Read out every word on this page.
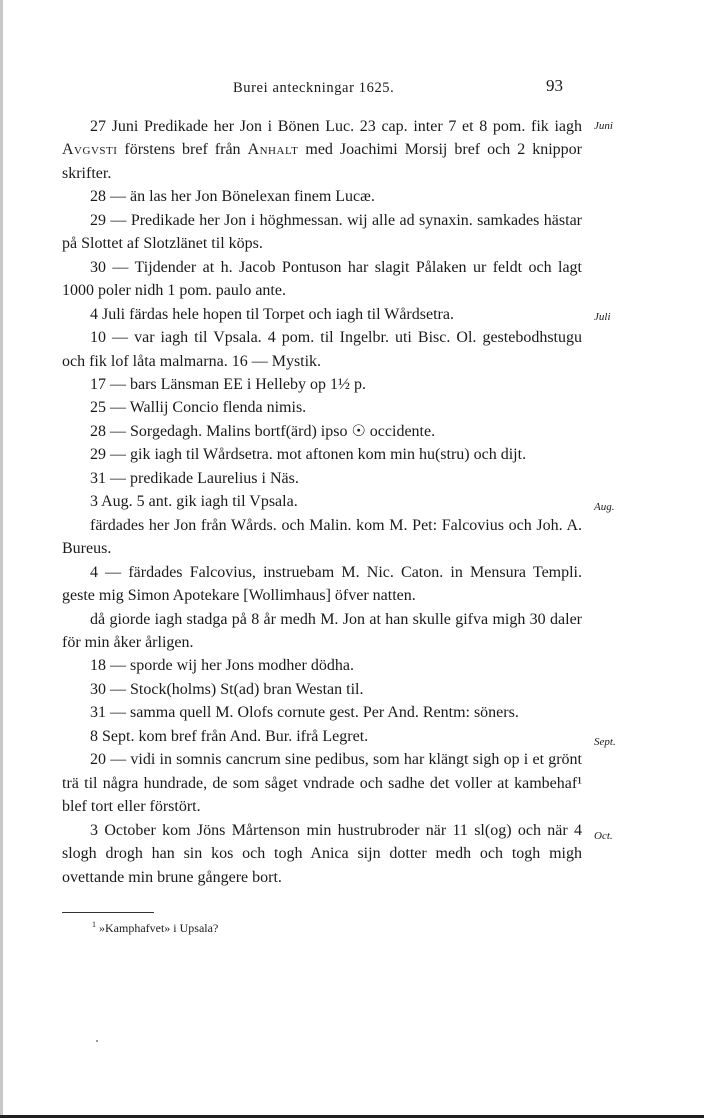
Burei anteckningar 1625.	93

27 Juni Predikade her Jon i Bönen Luc. 23 cap. inter 7 et 8 pom. fik iagh Avgvsti förstens bref från Anhalt med Joachimi Morsij bref och 2 knippor skrifter.
Juni

28 — än las her Jon Bönelexan finem Lucæ.

29 — Predikade her Jon i höghmessan. wij alle ad synaxin. samkades hästar på Slottet af Slotzlänet til köps.

30 — Tijdender at h. Jacob Pontuson har slagit Pålaken ur feldt och lagt 1000 poler nidh 1 pom. paulo ante.

4 Juli färdas hele hopen til Torpet och iagh til Wårdsetra.	Juli

10 — var iagh til Vpsala. 4 pom. til Ingelbr. uti Bisc. Ol. gestebodhstugu och fik lof låta malmarna. 16 — Mystik.

17 — bars Länsman EE i Helleby op 1½ p.

25 — Wallij Concio flenda nimis.

28 — Sorgedagh. Malins bortf(ärd) ipso ☉ occidente.

29 — gik iagh til Wårdsetra. mot aftonen kom min hu(stru) och dijt.

31 — predikade Laurelius i Näs.

3 Aug. 5 ant. gik iagh til Vpsala.	Aug.

färdades her Jon från Wårds. och Malin. kom M. Pet: Falcovius och Joh. A. Bureus.

4 — färdades Falcovius, instruebam M. Nic. Caton. in Mensura Templi. geste mig Simon Apotekare [Wollimhaus] öfver natten.

då giorde iagh stadga på 8 år medh M. Jon at han skulle gifva migh 30 daler för min åker årligen.

18 — sporde wij her Jons modher dödha.

30 — Stock(holms) St(ad) bran Westan til.

31 — samma quell M. Olofs cornute gest. Per And. Rentm: söners.

8 Sept. kom bref från And. Bur. ifrå Legret.	Sept.

20 — vidi in somnis cancrum sine pedibus, som har klängt sigh op i et grönt trä til några hundrade, de som såget vndrade och sadhe det voller at kambehaf¹ blef tort eller förstört.

3 October kom Jöns Mårtenson min hustrubroder när 11 sl(og) och när 4 slogh drogh han sin kos och togh Anica sijn dotter medh och togh migh ovettande min brune gångere bort.
Oct.

$^1$ »Kamphafvet» i Upsala?
